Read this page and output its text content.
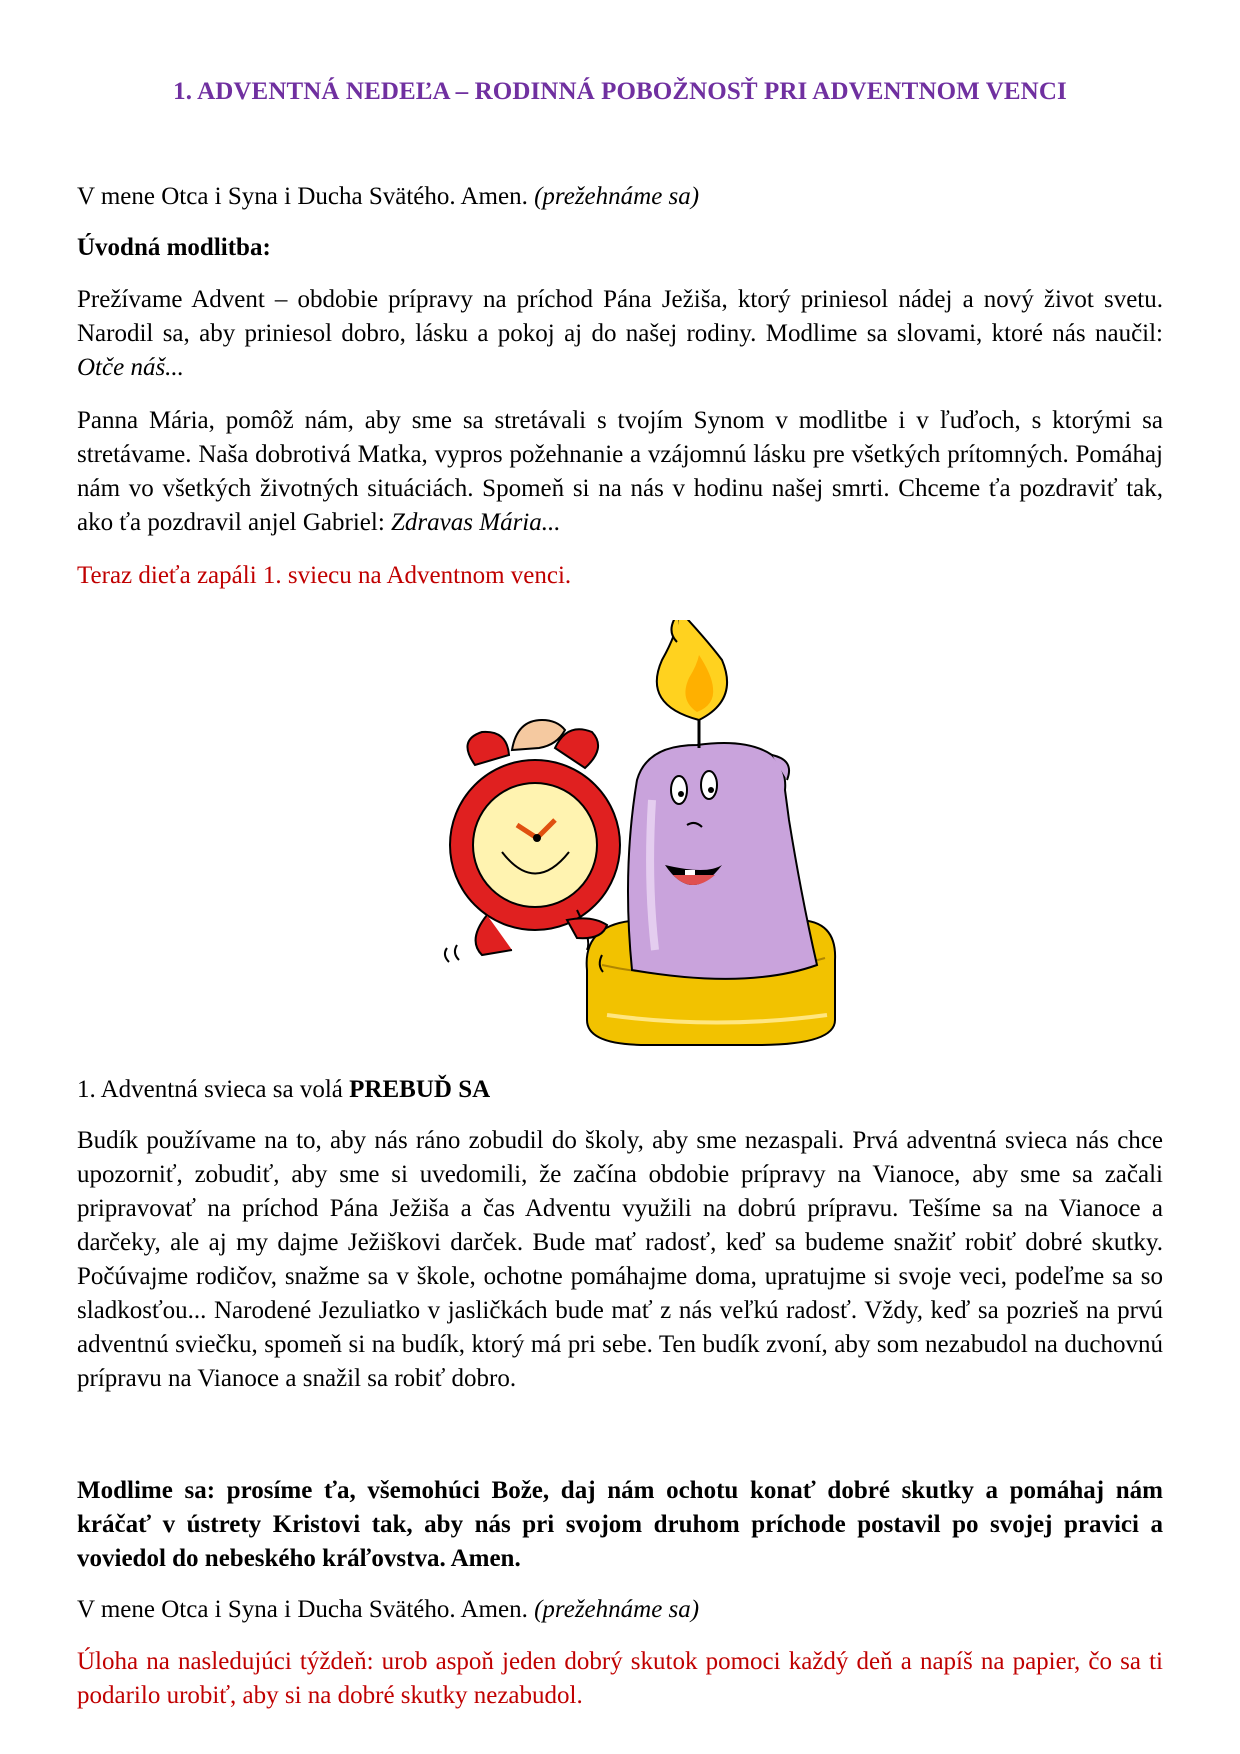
1. ADVENTNÁ NEDEĽA – RODINNÁ POBOŽNOSŤ PRI ADVENTNOM VENCI
V mene Otca i Syna i Ducha Svätého. Amen. (prežehnáme sa)
Úvodná modlitba:
Prežívame Advent – obdobie prípravy na príchod Pána Ježiša, ktorý priniesol nádej a nový život svetu. Narodil sa, aby priniesol dobro, lásku a pokoj aj do našej rodiny. Modlime sa slovami, ktoré nás naučil: Otče náš...
Panna Mária, pomôž nám, aby sme sa stretávali s tvojím Synom v modlitbe i v ľuďoch, s ktorými sa stretávame. Naša dobrotivá Matka, vypros požehnanie a vzájomnú lásku pre všetkých prítomných. Pomáhaj nám vo všetkých životných situáciách. Spomeň si na nás v hodinu našej smrti. Chceme ťa pozdraviť tak, ako ťa pozdravil anjel Gabriel: Zdravas Mária...
Teraz dieťa zapáli 1. sviecu na Adventnom venci.
1. Adventná svieca sa volá PREBUĎ SA
Budík používame na to, aby nás ráno zobudil do školy, aby sme nezaspali. Prvá adventná svieca nás chce upozorniť, zobudiť, aby sme si uvedomili, že začína obdobie prípravy na Vianoce, aby sme sa začali pripravovať na príchod Pána Ježiša a čas Adventu využili na dobrú prípravu. Tešíme sa na Vianoce a darčeky, ale aj my dajme Ježiškovi darček. Bude mať radosť, keď sa budeme snažiť robiť dobré skutky. Počúvajme rodičov, snažme sa v škole, ochotne pomáhajme doma, upratujme si svoje veci, podeľme sa so sladkosťou... Narodené Jezuliatko v jasličkách bude mať z nás veľkú radosť. Vždy, keď sa pozrieš na prvú adventnú sviečku, spomeň si na budík, ktorý má pri sebe. Ten budík zvoní, aby som nezabudol na duchovnú prípravu na Vianoce a snažil sa robiť dobro.
Modlime sa: prosíme ťa, všemohúci Bože, daj nám ochotu konať dobré skutky a pomáhaj nám kráčať v ústrety Kristovi tak, aby nás pri svojom druhom príchode postavil po svojej pravici a voviedol do nebeského kráľovstva. Amen.
V mene Otca i Syna i Ducha Svätého. Amen. (prežehnáme sa)
Úloha na nasledujúci týždeň: urob aspoň jeden dobrý skutok pomoci každý deň a napíš na papier, čo sa ti podarilo urobiť, aby si na dobré skutky nezabudol.
